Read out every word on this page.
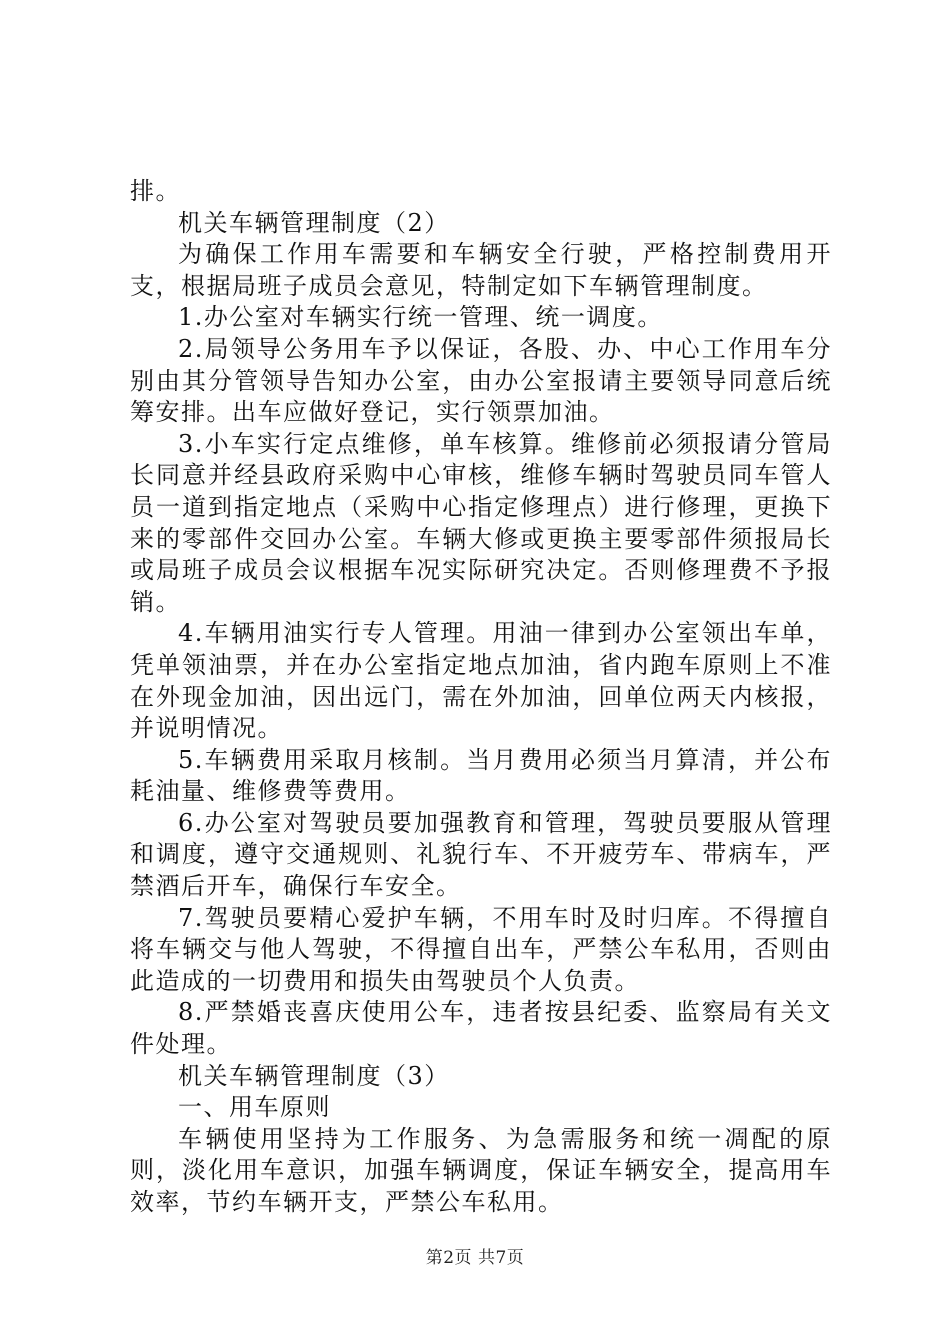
排。

机关车辆管理制度（2）

为确保工作用车需要和车辆安全行驶，严格控制费用开支，根据局班子成员会意见，特制定如下车辆管理制度。

1.办公室对车辆实行统一管理、统一调度。

2.局领导公务用车予以保证，各股、办、中心工作用车分别由其分管领导告知办公室，由办公室报请主要领导同意后统筹安排。出车应做好登记，实行领票加油。

3.小车实行定点维修，单车核算。维修前必须报请分管局长同意并经县政府采购中心审核，维修车辆时驾驶员同车管人员一道到指定地点（采购中心指定修理点）进行修理，更换下来的零部件交回办公室。车辆大修或更换主要零部件须报局长或局班子成员会议根据车况实际研究决定。否则修理费不予报销。

4.车辆用油实行专人管理。用油一律到办公室领出车单，凭单领油票，并在办公室指定地点加油，省内跑车原则上不准在外现金加油，因出远门，需在外加油，回单位两天内核报，并说明情况。

5.车辆费用采取月核制。当月费用必须当月算清，并公布耗油量、维修费等费用。

6.办公室对驾驶员要加强教育和管理，驾驶员要服从管理和调度，遵守交通规则、礼貌行车、不开疲劳车、带病车，严禁酒后开车，确保行车安全。

7.驾驶员要精心爱护车辆，不用车时及时归库。不得擅自将车辆交与他人驾驶，不得擅自出车，严禁公车私用，否则由此造成的一切费用和损失由驾驶员个人负责。

8.严禁婚丧喜庆使用公车，违者按县纪委、监察局有关文件处理。

机关车辆管理制度（3）

一、用车原则

车辆使用坚持为工作服务、为急需服务和统一凋配的原则，淡化用车意识，加强车辆调度，保证车辆安全，提高用车效率，节约车辆开支，严禁公车私用。

第2页 共7页
